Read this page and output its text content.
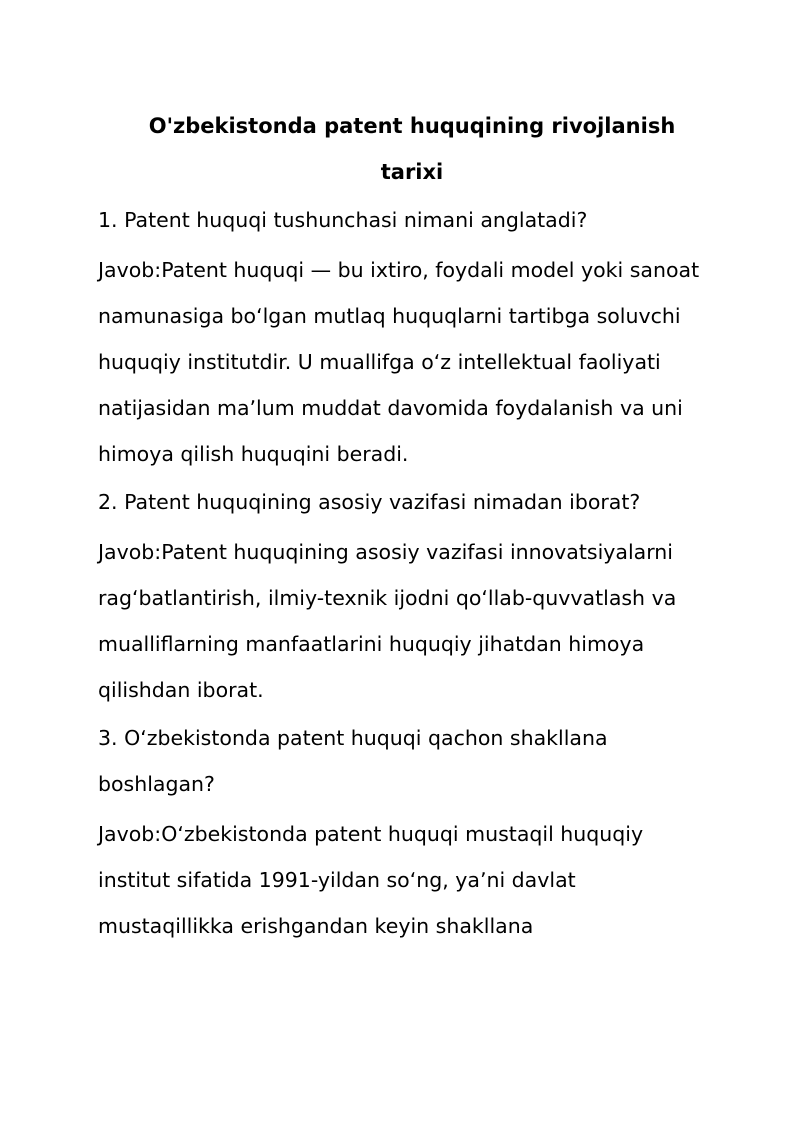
O'zbekistonda patent huquqining rivojlanish tarixi

1. Patent huquqi tushunchasi nimani anglatadi?

Javob:Patent huquqi — bu ixtiro, foydali model yoki sanoat namunasiga boʻlgan mutlaq huquqlarni tartibga soluvchi huquqiy institutdir. U muallifga oʻz intellektual faoliyati natijasidan maʼlum muddat davomida foydalanish va uni himoya qilish huquqini beradi.

2. Patent huquqining asosiy vazifasi nimadan iborat?

Javob:Patent huquqining asosiy vazifasi innovatsiyalarni ragʻbatlantirish, ilmiy-texnik ijodni qoʻllab-quvvatlash va mualliflarning manfaatlarini huquqiy jihatdan himoya qilishdan iborat.

3. Oʻzbekistonda patent huquqi qachon shakllana boshlagan?

Javob:Oʻzbekistonda patent huquqi mustaqil huquqiy institut sifatida 1991-yildan soʻng, yaʼni davlat mustaqillikka erishgandan keyin shakllana
